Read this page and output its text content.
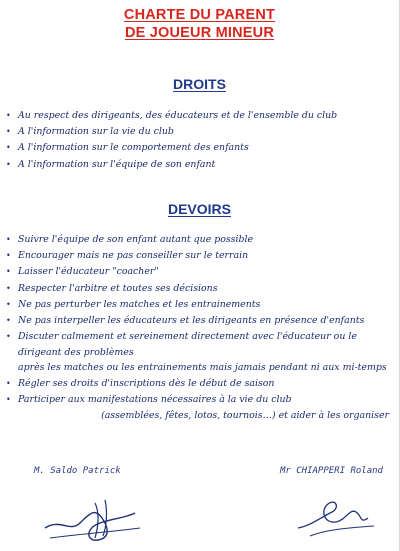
CHARTE DU PARENT
DE JOUEUR MINEUR
DROITS
• Au respect des dirigeants, des éducateurs et de l'ensemble du club
• A l'information sur la vie du club
• A l'information sur le comportement des enfants
• A l'information sur l'équipe de son enfant
DEVOIRS
• Suivre l'équipe de son enfant autant que possible
• Encourager mais ne pas conseiller sur le terrain
• Laisser l'éducateur "coacher"
• Respecter l'arbitre et toutes ses décisions
• Ne pas perturber les matches et les entrainements
• Ne pas interpeller les éducateurs et les dirigeants en présence d'enfants
• Discuter calmement et sereinement directement avec l'éducateur ou le dirigeant des problèmes
après les matches ou les entrainements mais jamais pendant ni aux mi-temps
• Régler ses droits d'inscriptions dès le début de saison
• Participer aux manifestations nécessaires à la vie du club
(assemblées, fêtes, lotos, tournois…) et aider à les organiser
M. Saldo Patrick	Mr CHIAPPERI Roland
